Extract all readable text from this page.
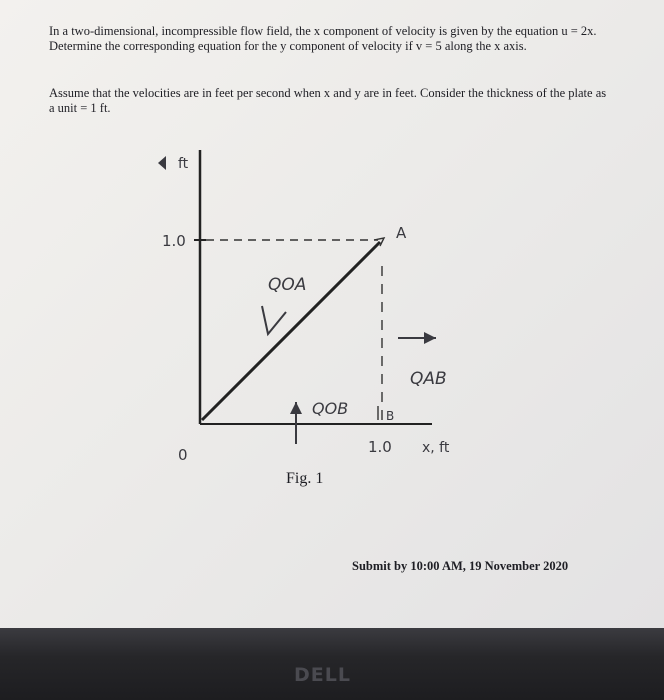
In a two-dimensional, incompressible flow field, the x component of velocity is given by the equation u = 2x. Determine the corresponding equation for the y component of velocity if v = 5 along the x axis.

Assume that the velocities are in feet per second when x and y are in feet. Consider the thickness of the plate as a unit = 1 ft.

ft
1.0
0
A
B
QOA
QAB
QOB
1.0 x, ft
Fig. 1
Submit by 10:00 AM, 19 November 2020
DELL
